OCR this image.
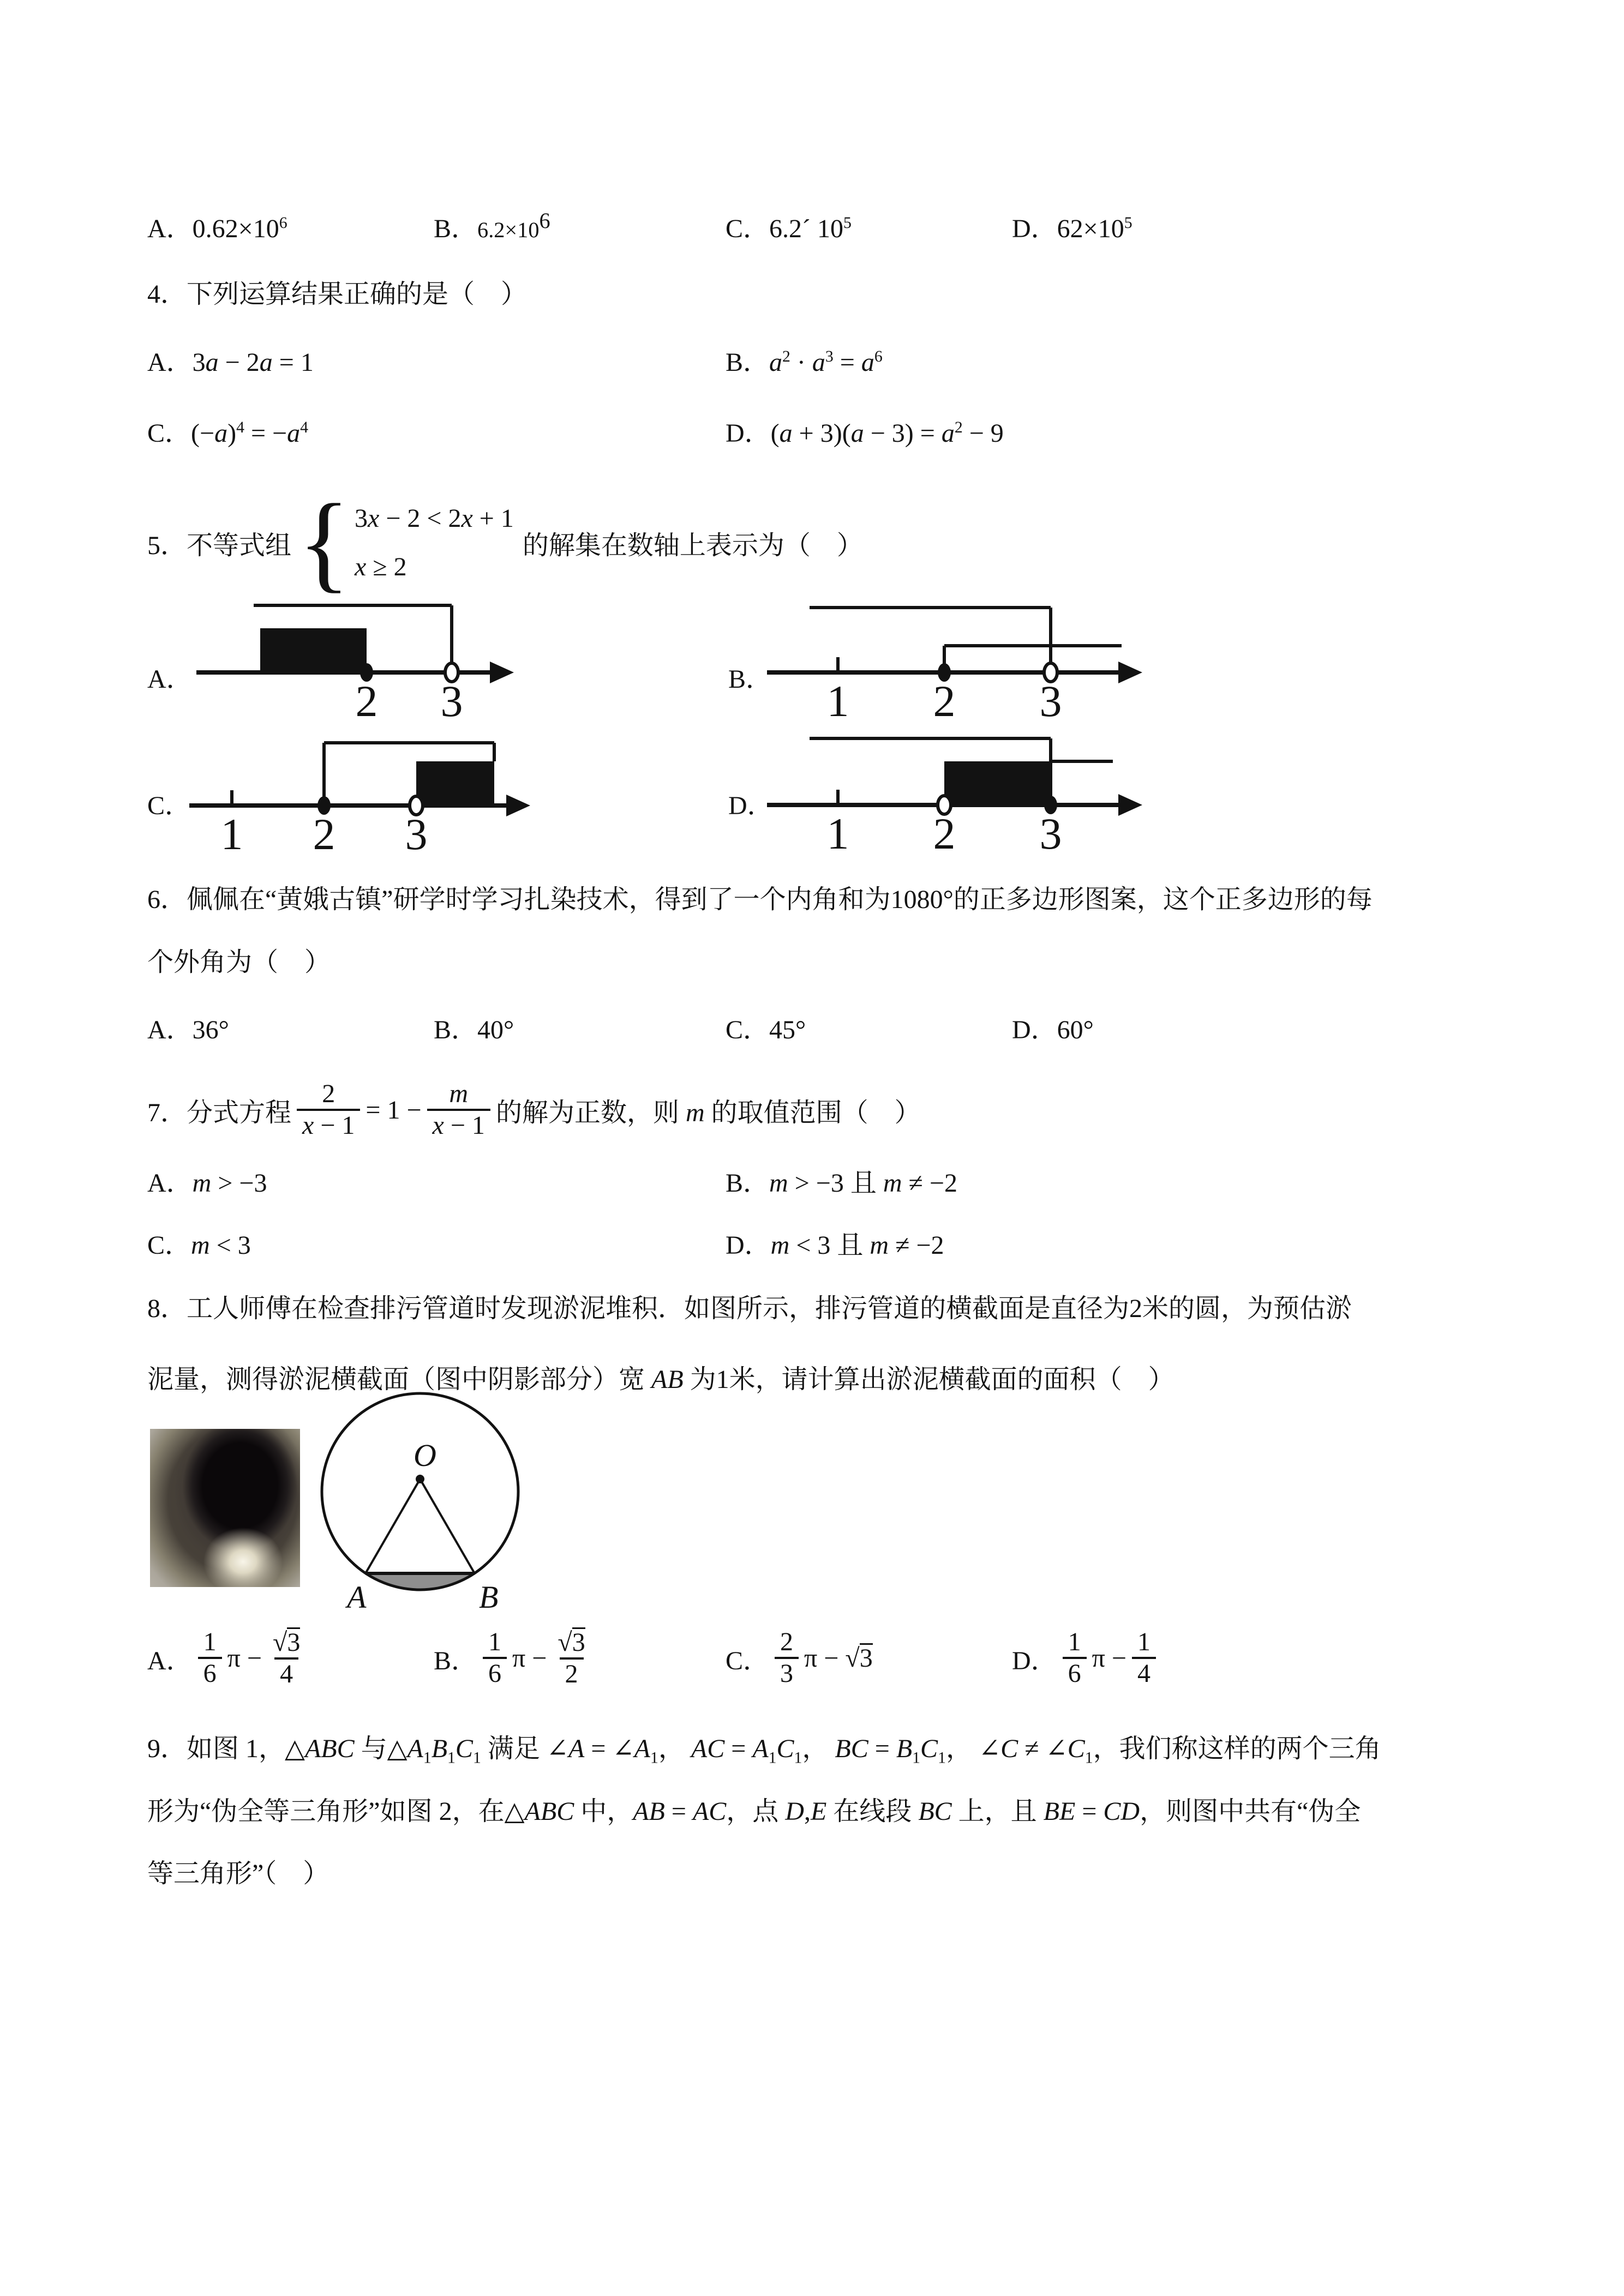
A．$0.62\times 10^6$	B．$6.2\times 10^6$	C．6.2´ $10^5$	D．$62\times 10^5$
4．下列运算结果正确的是（　）
A．3a − 2a = 1	B．$a^2 \cdot a^3 = a^6$
C．$(-a)^4 = -a^4$	D．$(a + 3)(a - 3) = a^2 - 9$
5．不等式组 { 3x − 2 < 2x + 1
x ≥ 2
的解集在数轴上表示为（　）
A．	2 3	B． 1 2 3
C．
1 2 3
D．
1 2 3
6．佩佩在“黄娥古镇”研学时学习扎染技术，得到了一个内角和为1080°的正多边形图案，这个正多边形的每
个外角为（　）
A．36°	B．40°	C．45°	D．60°
7．分式方程 $\frac{2}{x - 1} = 1 - \frac{m}{x - 1}$ 的解为正数，则 m 的取值范围（　）
A．m > −3	B．m > −3 且 m ≠ −2
C．m < 3	D．m < 3 且 m ≠ −2
8．工人师傅在检查排污管道时发现淤泥堆积．如图所示，排污管道的横截面是直径为2米的圆，为预估淤
泥量，测得淤泥横截面（图中阴影部分）宽 AB 为1米，请计算出淤泥横截面的面积（　）
O
A	B
A． $\frac{1}{6}$ $\pi - \frac{√3}{4}$	B． $\frac{1}{6}$ $\pi - \frac{√3}{2}$	C． $\frac{2}{3}$ π − √3	D． $\frac{1}{6}$ $\pi - \frac{1}{4}$
9．如图 1，△ABC 与$\triangle A_1B_1C_1$ 满足 ∠A = $\angle A_1$， AC = $A_1C_1$， BC = $B_1C_1$， ∠C ≠ $\angle C_1$，我们称这样的两个三角
形为“伪全等三角形”如图 2，在△ABC 中，AB = AC，点 D,E 在线段 BC 上，且 BE = CD，则图中共有“伪全
等三角形”（　）
